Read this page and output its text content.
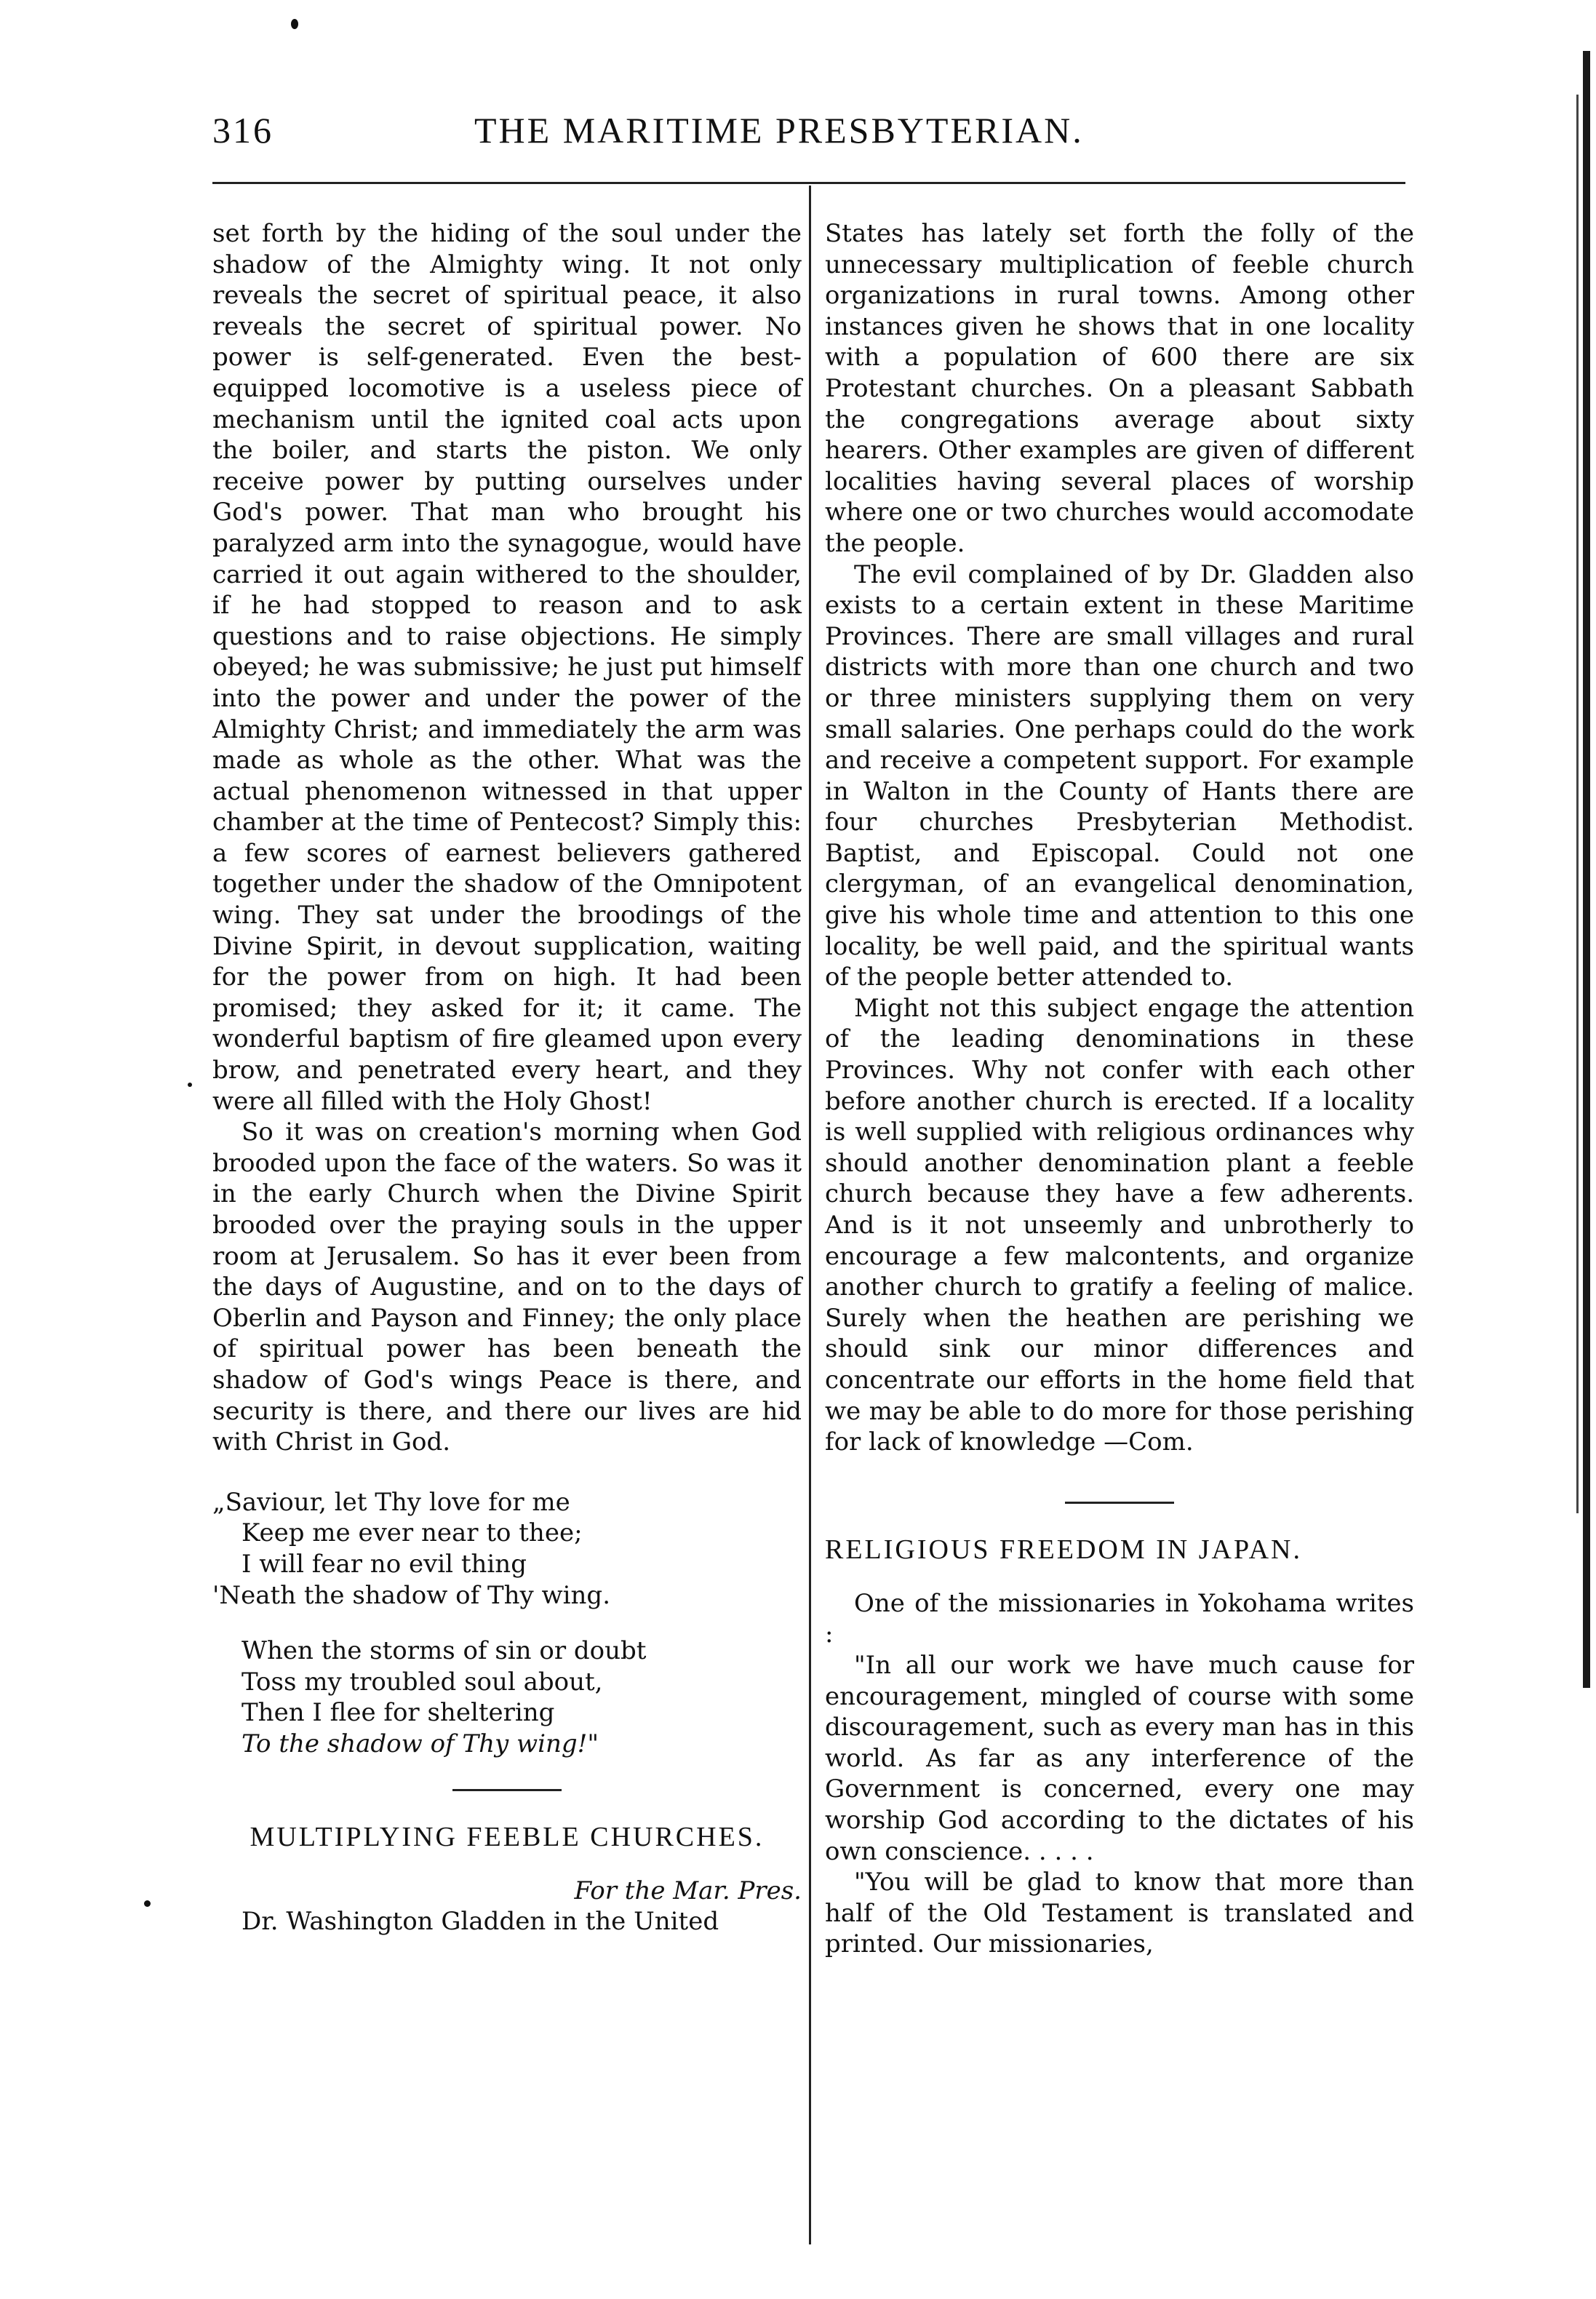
316	THE MARITIME PRESBYTERIAN.

set forth by the hiding of the soul under the shadow of the Almighty wing. It not only reveals the secret of spiritual peace, it also reveals the secret of spiritual power. No power is self-generated. Even the best-equipped locomotive is a useless piece of mechanism until the ignited coal acts upon the boiler, and starts the piston. We only receive power by putting ourselves under God's power. That man who brought his paralyzed arm into the synagogue, would have carried it out again withered to the shoulder, if he had stopped to reason and to ask questions and to raise objections. He simply obeyed; he was submissive; he just put himself into the power and under the power of the Almighty Christ; and immediately the arm was made as whole as the other. What was the actual phenomenon witnessed in that upper chamber at the time of Pentecost? Simply this: a few scores of earnest believers gathered together under the shadow of the Omnipotent wing. They sat under the broodings of the Divine Spirit, in devout supplication, waiting for the power from on high. It had been promised; they asked for it; it came. The wonderful baptism of fire gleamed upon every brow, and penetrated every heart, and they were all filled with the Holy Ghost!

So it was on creation's morning when God brooded upon the face of the waters. So was it in the early Church when the Divine Spirit brooded over the praying souls in the upper room at Jerusalem. So has it ever been from the days of Augustine, and on to the days of Oberlin and Payson and Finney; the only place of spiritual power has been beneath the shadow of God's wings Peace is there, and security is there, and there our lives are hid with Christ in God.

„Saviour, let Thy love for me
Keep me ever near to thee;
I will fear no evil thing
'Neath the shadow of Thy wing.
When the storms of sin or doubt
Toss my troubled soul about,
Then I flee for sheltering
To the shadow of Thy wing!"
MULTIPLYING FEEBLE CHURCHES.

For the Mar. Pres.

Dr. Washington Gladden in the United

States has lately set forth the folly of the unnecessary multiplication of feeble church organizations in rural towns. Among other instances given he shows that in one locality with a population of 600 there are six Protestant churches. On a pleasant Sabbath the congregations average about sixty hearers. Other examples are given of different localities having several places of worship where one or two churches would accomodate the people.

The evil complained of by Dr. Gladden also exists to a certain extent in these Maritime Provinces. There are small villages and rural districts with more than one church and two or three ministers supplying them on very small salaries. One perhaps could do the work and receive a competent support. For example in Walton in the County of Hants there are four churches Presbyterian Methodist. Baptist, and Episcopal. Could not one clergyman, of an evangelical denomination, give his whole time and attention to this one locality, be well paid, and the spiritual wants of the people better attended to.

Might not this subject engage the attention of the leading denominations in these Provinces. Why not confer with each other before another church is erected. If a locality is well supplied with religious ordinances why should another denomination plant a feeble church because they have a few adherents. And is it not unseemly and unbrotherly to encourage a few malcontents, and organize another church to gratify a feeling of malice. Surely when the heathen are perishing we should sink our minor differences and concentrate our efforts in the home field that we may be able to do more for those perishing for lack of knowledge —Com.

RELIGIOUS FREEDOM IN JAPAN.

One of the missionaries in Yokohama writes :

"In all our work we have much cause for encouragement, mingled of course with some discouragement, such as every man has in this world. As far as any interference of the Government is concerned, every one may worship God according to the dictates of his own conscience. . . . .

"You will be glad to know that more than half of the Old Testament is translated and printed. Our missionaries,
